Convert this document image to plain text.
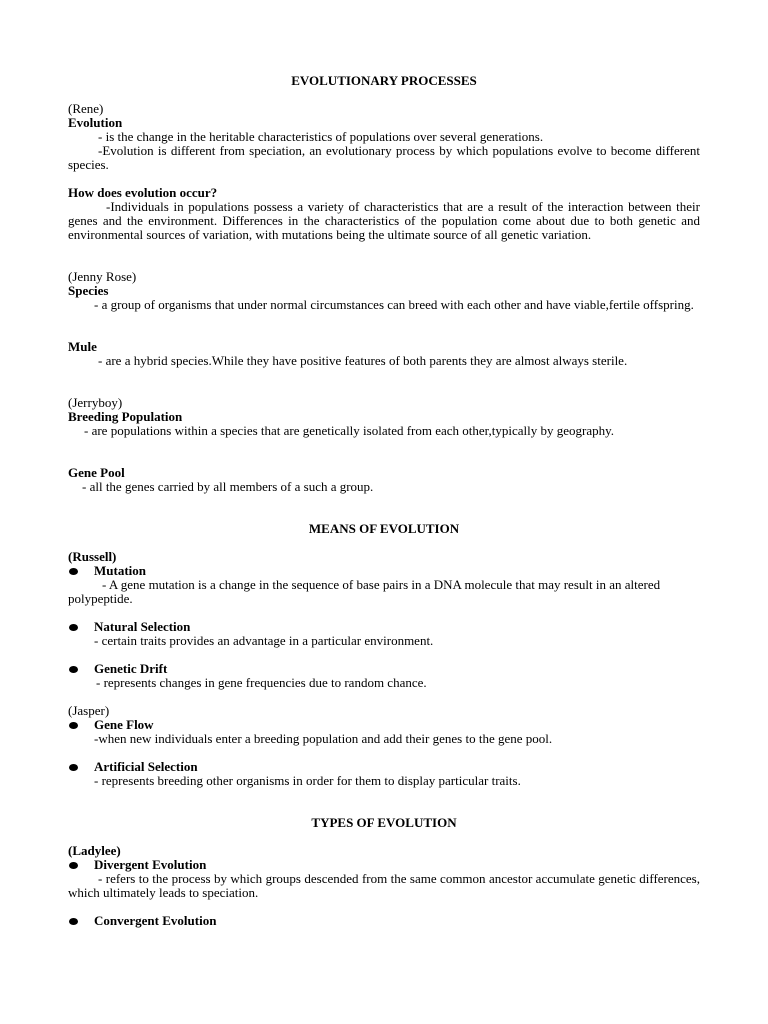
EVOLUTIONARY PROCESSES
(Rene)
Evolution
- is the change in the heritable characteristics of populations over several generations.
-Evolution is different from speciation, an evolutionary process by which populations evolve to become different species.
How does evolution occur?
-Individuals in populations possess a variety of characteristics that are a result of the interaction between their genes and the environment. Differences in the characteristics of the population come about due to both genetic and environmental sources of variation, with mutations being the ultimate source of all genetic variation.
(Jenny Rose)
Species
- a group of organisms that under normal circumstances can breed with each other and have viable,fertile offspring.
Mule
- are a hybrid species.While they have positive features of both parents they are almost always sterile.
(Jerryboy)
Breeding Population
- are populations within a species that are genetically isolated from each other,typically by geography.
Gene Pool
- all the genes carried by all members of a such a group.
MEANS OF EVOLUTION
(Russell)
Mutation
- A gene mutation is a change in the sequence of base pairs in a DNA molecule that may result in an altered polypeptide.
Natural Selection
- certain traits provides an advantage in a particular environment.
Genetic Drift
- represents changes in gene frequencies due to random chance.
(Jasper)
Gene Flow
-when new individuals enter a breeding population and add their genes to the gene pool.
Artificial Selection
- represents breeding other organisms in order for them to display particular traits.
TYPES OF EVOLUTION
(Ladylee)
Divergent Evolution
- refers to the process by which groups descended from the same common ancestor accumulate genetic differences, which ultimately leads to speciation.
Convergent Evolution
